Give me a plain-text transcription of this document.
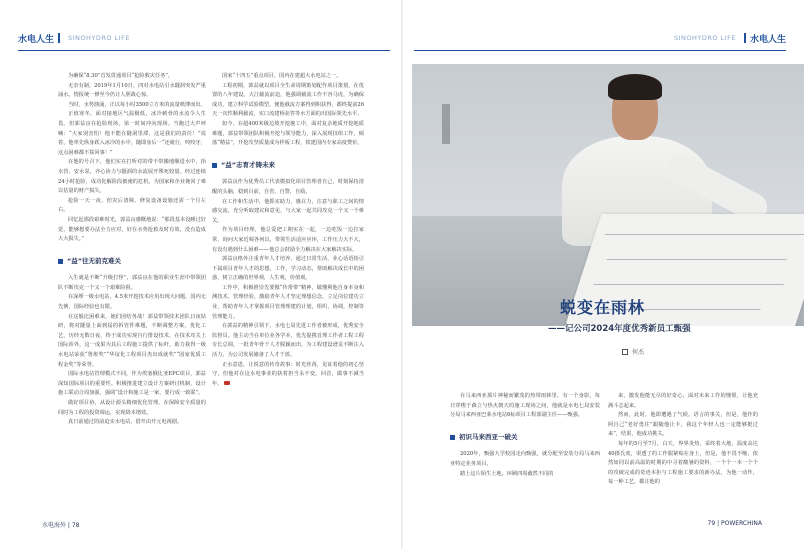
水电人生 SINOHYDRO LIFE	SINOHYDRO LIFE 水电人生

为确保“8.30”首发贯通项目“抢险救灾任务”，

无奈有制。2019年1月10日，四对水电站引水隧洞突发严重涌水。情报统一修至今仍让人胆战心惊。

当时，水势汹涌，正以每小时3500立方米的流量喷薄而出。

正值寒冬，面对接地区气温极低，冰冷刺骨的水流令人生畏。但郭益良在抢险现场，第一时间冲向现场。当跑过大声呼喊：“大家别害怕！他不能在隧洞里滞，这是我们的责任！”说着，他率先纵身跃入冰冷的水中，随即身后一“还就行，咬咬牙，这点困难都不算回事！”

在他的号召下，他们实在打听对的带不带搬地顺进水中，抬水管、安水泵，齐心协力与隧洞的水流展开殊死较量。经过连续24小时抢险，成功化解险段被淹的危机，为国家和企业挽回了难以估量的财产损失。

抢险一天一夜，但灾后清障、修复设备设施还需一个月左右。

回忆起那段艰难时光，郭益良感慨地说：“那段基本没睡过好觉，能够想要办法全力应对，好在水势抢救及时有效，没有造成大大损失。”

“益”往无前克难关

入生就是不断“升级打怪”，郭益良在他的职业生涯中带领团队不断攻克一个又一个艰难险阻。

在深埋一级水电站，4.5米开挖技术应用出现大问题，国内无先例，国际经验也有限。

在这般比困难来，她们团结务战！郭益带领技术团队日夜钻研，将对隧量上面到届的拆管件难题，不断调整方案，优化工艺，历经无数日夜，终于成功实现自行排设技术，在技术攻关上国际涉外，这一成果为其后工程施工提供了标杆，助力我得一级水电站荣获“鲁班奖”“华谊化工程项目杰出成就奖”“国家优质工程金奖”等荣誉。

国际水电站管理模式不同，作为埃塞俄比亚EPC项目，郭益深知国际项目的重要性。积极推进建立设计方案研讨机制，设计施工联动合周加强，强调“设计和施工是一家，要行成一致联”。

做好项目协，从设计源头精细优化管理，在保障安全质量的同时为工程的投资调运，实现降本增效。

真日前通过的前迫实水电站，借开由开元电视剧。

国家“十四五”重点项目，国内在建超大水电站之一。

工程初期，郭益就以项目全生命周期策划配作项目策划，在优置的八年建设。大江截流前迫，他强调截流工作不容马虎，为确保成功，建立科学试验模型，便他截流方案得到积获得，都终提前26天一次性顺利截流，实口流建桥获答等水方面的出国际领先水平。

如今，在超400米级边坡开挖施工中，面对复杂地质开挖地质难题，郭益带领团队积极开挖与领导能力，深入展现技组工作，倾落“精益”，开挖攻坚质量成为样板工程，铁建国内专家高度赞价。

“益”志育才铸未来

郭益良作为优秀员工代表模拟化项目管理者自己，时刻保持清醒的头脑，稳到目前，自省，自警，自励。

在工作和生活中，他抓实助力，感召力，注意与职工之间的情感交流，充分听取建议和意见，与大家一起共同攻克一个又一个难关。

作为项目经理，他总爱把工期实在一起，一边吃饭一边拉家常，询问大家近蜀各何以，带领生活适应应环，工作压力大不大，有没有遇到什么困难——他总会鼓励全力解决在大家解决实际。

郭益良格外注重青年人才培养，通过日常生活，业心话语指引下属项目青年人才的思想，工作，学习动态，帮助解决成长中的困惑，树立正确的世界观，人生观，价值观。

工作中，积极推崇先要傲“传帮带”精神，做懂利他自身本身和测技术，管理经验，激励青年人才坚定理想信念，立足岗位建功立业，帮助青年人才掌握项目管理理建的计划，组织，协调，控制等管理能力。

在郭益的精神引领下，水电七局先进工作者被形成，优秀安全监督员。他主动当在单位业各学本，优先提携首理工作者工程工程专长总调，一批青年骨干人才脱颖而出，为工程建设谱贡不断注入活力，为公司发展储备了人才干部。

正水意恩，让锐意的传奇故事：时光荏苒，见证着他的初心坚守，但他对在这水电事业的执着担当永不变。回首，做事不減当年。

蜕变在雨林
——记公司2024年度优秀新员工甄强
何杰

在马来西亚那片神秘而繁茂的热带雨林里，有一个身影，每日穿梭于森立与热火朝天的施工现场之间，他就是水电七局安装分局马来西亚巴莱水电站6标项目工程部副主任——甄强。

初识马来西亚一破关

2020年，甄强大学校园走向甄强，就分配至安装分局马来西亚特定业务项目。

踏上这片陌生土地，环顾四周截然不同的

来，激发他能无尽的好奇心，面对未来工作的憧憬，让他充满斗志起来。

然而，此时，他即遭遇了气候。语言的事关，但是，他作的阿自己“老好勇往”跟随他让卡，我这个年轻人也一定能够挺过来”，结果，他成功挑关。

每年的5月至7月，白天，界界炎热，采终着大地，温度高达40摄氏度，渠透了的工作服紧贴在身上，但是，他不畏不缩，依然如同以前高温的时期的中寻着酸暑的资料，一个个一本一个个的攻破完成的奇迹本拒与工程施工要求的新办法，为他一动作，每一种工艺，都注他的

水电海外 | 78	79 | POWERCHINA
